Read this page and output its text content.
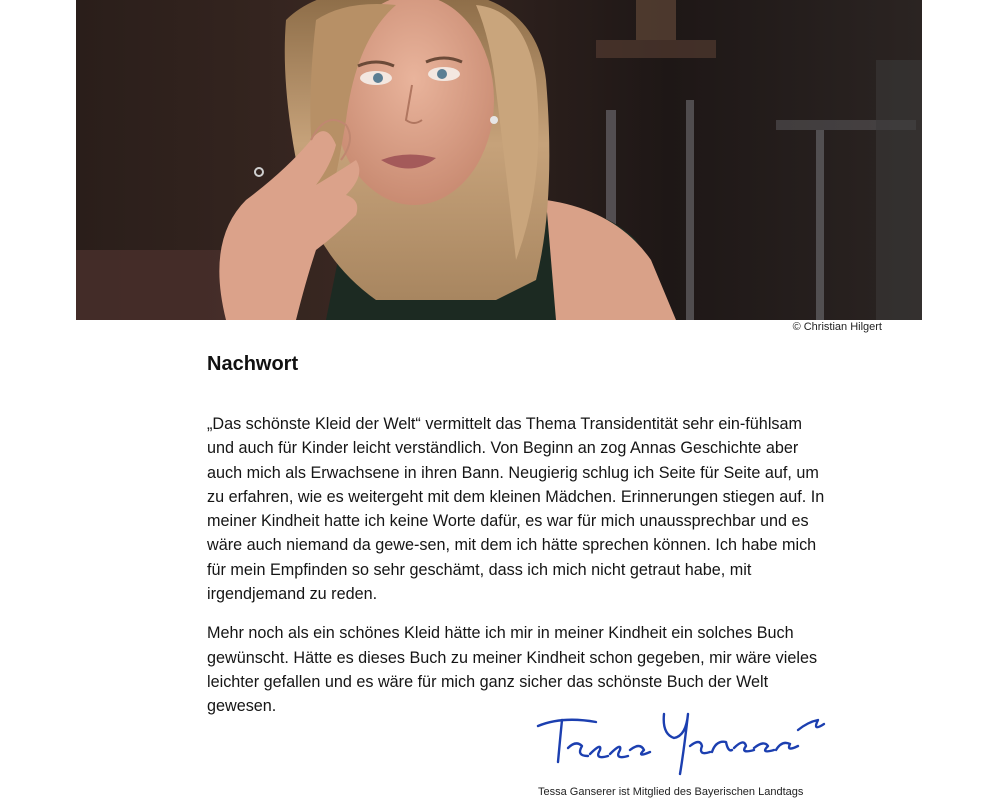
© Christian Hilgert
Nachwort

„Das schönste Kleid der Welt“ vermittelt das Thema Transidentität sehr ein-fühlsam und auch für Kinder leicht verständlich. Von Beginn an zog Annas Geschichte aber auch mich als Erwachsene in ihren Bann. Neugierig schlug ich Seite für Seite auf, um zu erfahren, wie es weitergeht mit dem kleinen Mädchen. Erinnerungen stiegen auf. In meiner Kindheit hatte ich keine Worte dafür, es war für mich unaussprechbar und es wäre auch niemand da gewe-sen, mit dem ich hätte sprechen können. Ich habe mich für mein Empfinden so sehr geschämt, dass ich mich nicht getraut habe, mit irgendjemand zu reden.

Mehr noch als ein schönes Kleid hätte ich mir in meiner Kindheit ein solches Buch gewünscht. Hätte es dieses Buch zu meiner Kindheit schon gegeben, mir wäre vieles leichter gefallen und es wäre für mich ganz sicher das schönste Buch der Welt gewesen.

Tessa Ganserer ist Mitglied des Bayerischen Landtags
